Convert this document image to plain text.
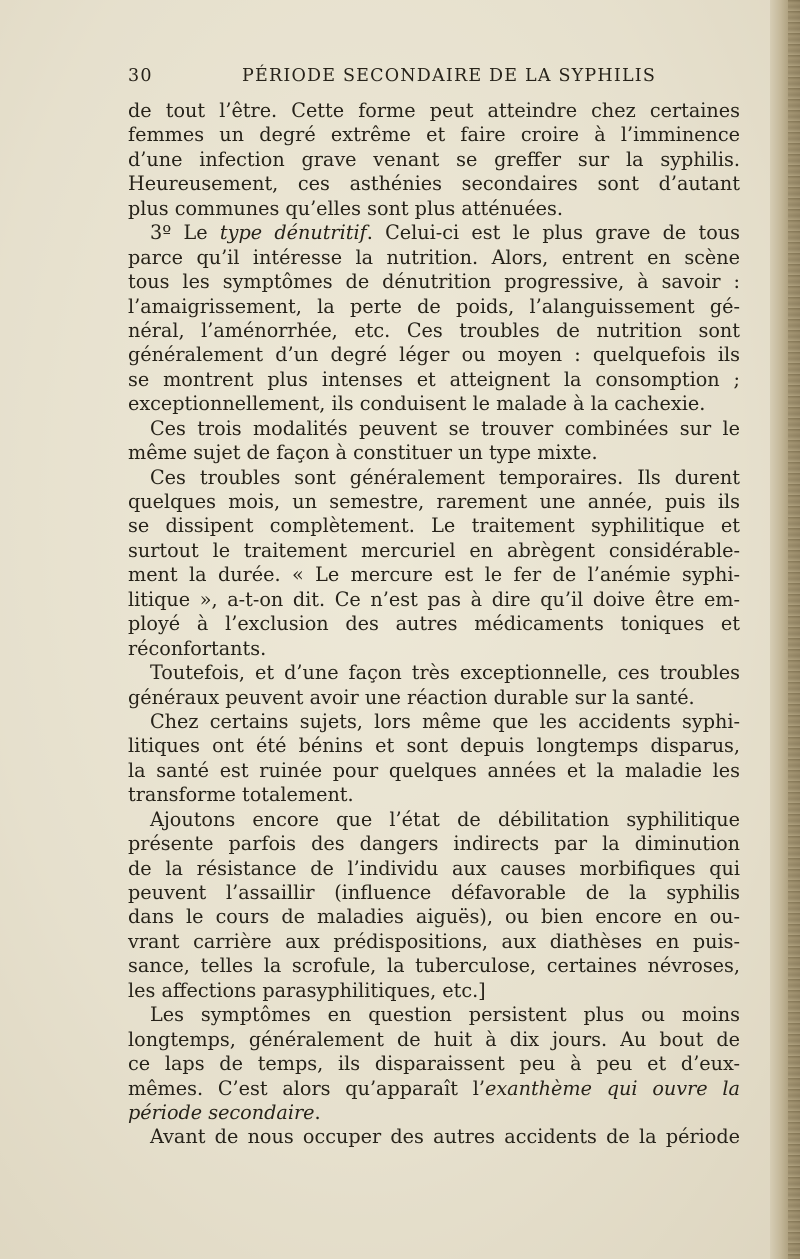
30	PÉRIODE SECONDAIRE DE LA SYPHILIS
de tout l’être. Cette forme peut atteindre chez certaines
femmes un degré extrême et faire croire à l’imminence
d’une infection grave venant se greffer sur la syphilis.
Heureusement, ces asthénies secondaires sont d’autant
plus communes qu’elles sont plus atténuées.
3º Le type dénutritif. Celui-ci est le plus grave de tous
parce qu’il intéresse la nutrition. Alors, entrent en scène
tous les symptômes de dénutrition progressive, à savoir :
l’amaigrissement, la perte de poids, l’alanguissement gé-
néral, l’aménorrhée, etc. Ces troubles de nutrition sont
généralement d’un degré léger ou moyen : quelquefois ils
se montrent plus intenses et atteignent la consomption ;
exceptionnellement, ils conduisent le malade à la cachexie.
Ces trois modalités peuvent se trouver combinées sur le
même sujet de façon à constituer un type mixte.
Ces troubles sont généralement temporaires. Ils durent
quelques mois, un semestre, rarement une année, puis ils
se dissipent complètement. Le traitement syphilitique et
surtout le traitement mercuriel en abrègent considérable-
ment la durée. « Le mercure est le fer de l’anémie syphi-
litique », a-t-on dit. Ce n’est pas à dire qu’il doive être em-
ployé à l’exclusion des autres médicaments toniques et
réconfortants.
Toutefois, et d’une façon très exceptionnelle, ces troubles
généraux peuvent avoir une réaction durable sur la santé.
Chez certains sujets, lors même que les accidents syphi-
litiques ont été bénins et sont depuis longtemps disparus,
la santé est ruinée pour quelques années et la maladie les
transforme totalement.
Ajoutons encore que l’état de débilitation syphilitique
présente parfois des dangers indirects par la diminution
de la résistance de l’individu aux causes morbifiques qui
peuvent l’assaillir (influence défavorable de la syphilis
dans le cours de maladies aiguës), ou bien encore en ou-
vrant carrière aux prédispositions, aux diathèses en puis-
sance, telles la scrofule, la tuberculose, certaines névroses,
les affections parasyphilitiques, etc.]
Les symptômes en question persistent plus ou moins
longtemps, généralement de huit à dix jours. Au bout de
ce laps de temps, ils disparaissent peu à peu et d’eux-
mêmes. C’est alors qu’apparaît l’exanthème qui ouvre la
période secondaire.
Avant de nous occuper des autres accidents de la période
